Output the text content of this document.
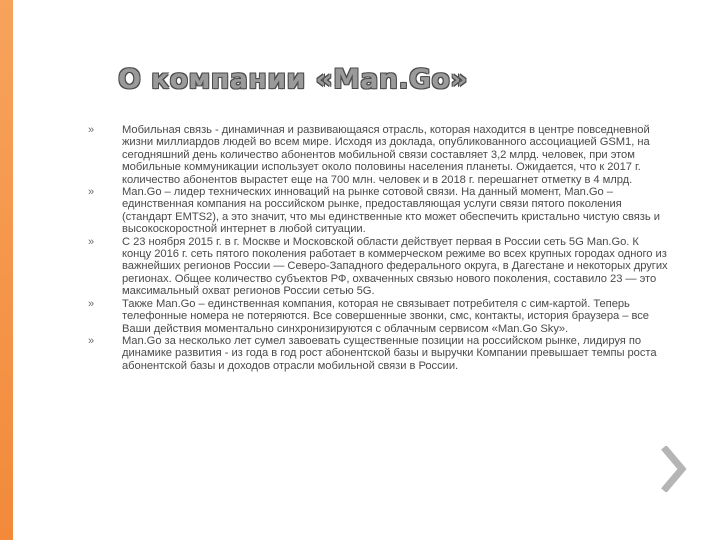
О компании «Man.Go»
»	Мобильная связь - динамичная и развивающаяся отрасль, которая находится в центре повседневной жизни миллиардов людей во всем мире. Исходя из доклада, опубликованного ассоциацией GSM1, на сегодняшний день количество абонентов мобильной связи составляет 3,2 млрд. человек, при этом мобильные коммуникации использует около половины населения планеты. Ожидается, что к 2017 г. количество абонентов вырастет еще на 700 млн. человек и в 2018 г. перешагнет отметку в 4 млрд.
»	Man.Go – лидер технических инноваций на рынке сотовой связи. На данный момент, Man.Go – единственная компания на российском рынке, предоставляющая услуги связи пятого поколения (стандарт EMTS2), а это значит, что мы единственные кто может обеспечить кристально чистую связь и высокоскоростной интернет в любой ситуации.
»	С 23 ноября 2015 г. в г. Москве и Московской области действует первая в России сеть 5G Man.Go. К концу 2016 г. сеть пятого поколения работает в коммерческом режиме во всех крупных городах одного из важнейших регионов России — Северо-Западного федерального округа, в Дагестане и некоторых других регионах. Общее количество субъектов РФ, охваченных связью нового поколения, составило 23 — это максимальный охват регионов России сетью 5G.
»	Также Man.Go – единственная компания, которая не связывает потребителя с сим-картой. Теперь телефонные номера не потеряются. Все совершенные звонки, смс, контакты, история браузера – все Ваши действия моментально синхронизируются с облачным сервисом «Man.Go Sky».
»	Man.Go за несколько лет сумел завоевать существенные позиции на российском рынке, лидируя по динамике развития - из года в год рост абонентской базы и выручки Компании превышает темпы роста абонентской базы и доходов отрасли мобильной связи в России.
